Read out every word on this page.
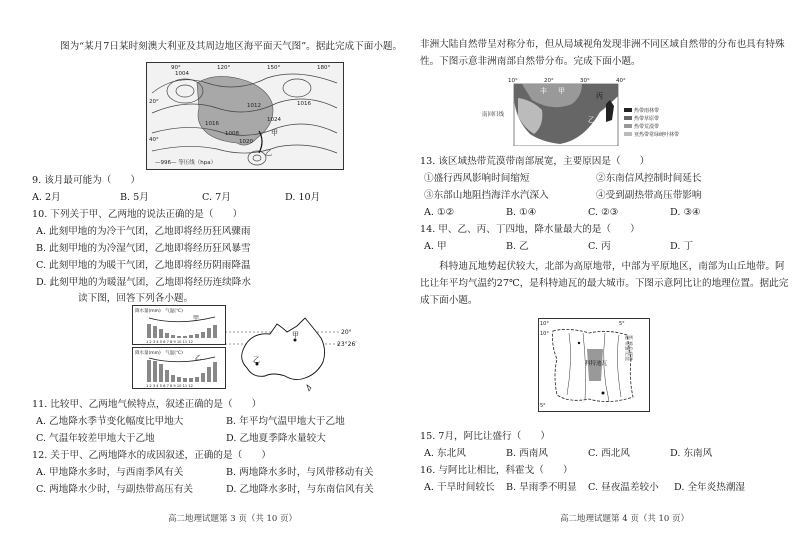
图为“某月7日某时刻澳大利亚及其周边地区海平面天气图”。据此完成下面小题。
90°	120°	150°	180°
20°
40°
1004
1016
1008
1020
1024
1012	1016
甲
乙
—996— 等压线（hpa）
9. 该月最可能为（　　）
A. 2月	B. 5月	C. 7月	D. 10月
10. 下列关于甲、乙两地的说法正确的是（　　）
A. 此刻甲地的为冷干气团，乙地即将经历狂风骤雨
B. 此刻甲地的为冷湿气团，乙地即将经历狂风暴雪
C. 此刻甲地的为暖干气团，乙地即将经历阴雨降温
D. 此刻甲地的为暖湿气团，乙地即将经历连续降水
读下图，回答下列各小题。
降水量(mm)　气温(℃)
甲
1 2 3 4 5 6 7 8 9 10 11 12
降水量(mm)　气温(℃)
乙
1 2 3 4 5 6 7 8 9 10 11 12
乙
甲	20°
23°26′
11. 比较甲、乙两地气候特点，叙述正确的是（　　）
A. 乙地降水季节变化幅度比甲地大	B. 年平均气温甲地大于乙地
C. 气温年较差甲地大于乙地	D. 乙地夏季降水量较大
12. 关于甲、乙两地降水的成因叙述，正确的是（　　）
A. 甲地降水多时，与西南季风有关	B. 两地降水多时，与风带移动有关
C. 两地降水少时，与副热带高压有关	D. 乙地降水多时，与东南信风有关
高二地理试题第 3 页（共 10 页）
非洲大陆自然带呈对称分布，但从局域视角发现非洲不同区域自然带的分布也具有特殊性。下图示意非洲南部自然带分布。完成下面小题。
10°	20°	30°	40°
南回归线
丰 甲
丙
乙
热带雨林带
热带草原带
热带荒漠带
亚热带常绿硬叶林带
13. 该区域热带荒漠带南部展宽，主要原因是（　　）
①盛行西风影响时间缩短	②东南信风控制时间延长
③东部山地阻挡海洋水汽深入	④受到副热带高压带影响
A. ①②	B. ①④	C. ②③	D. ③④
14. 甲、乙、丙、丁四地，降水量最大的是（　　）
A. 甲	B. 乙	C. 丙	D. 丁
科特迪瓦地势起伏较大，北部为高原地带，中部为平原地区，南部为山丘地带。阿比让年平均气温约27℃，是科特迪瓦的最大城市。下图示意阿比让的地理位置。据此完成下面小题。
10°	5°
10°
5°
科特迪瓦
图例
首都
城市
河流
国界
15. 7月，阿比让盛行（　　）
A. 东北风	B. 西南风	C. 西北风	D. 东南风
16. 与阿比让相比，科霍戈（　　）
A. 干旱时间较长 B. 旱雨季不明显 C. 昼夜温差较小 D. 全年炎热潮湿
高二地理试题第 4 页（共 10 页）
